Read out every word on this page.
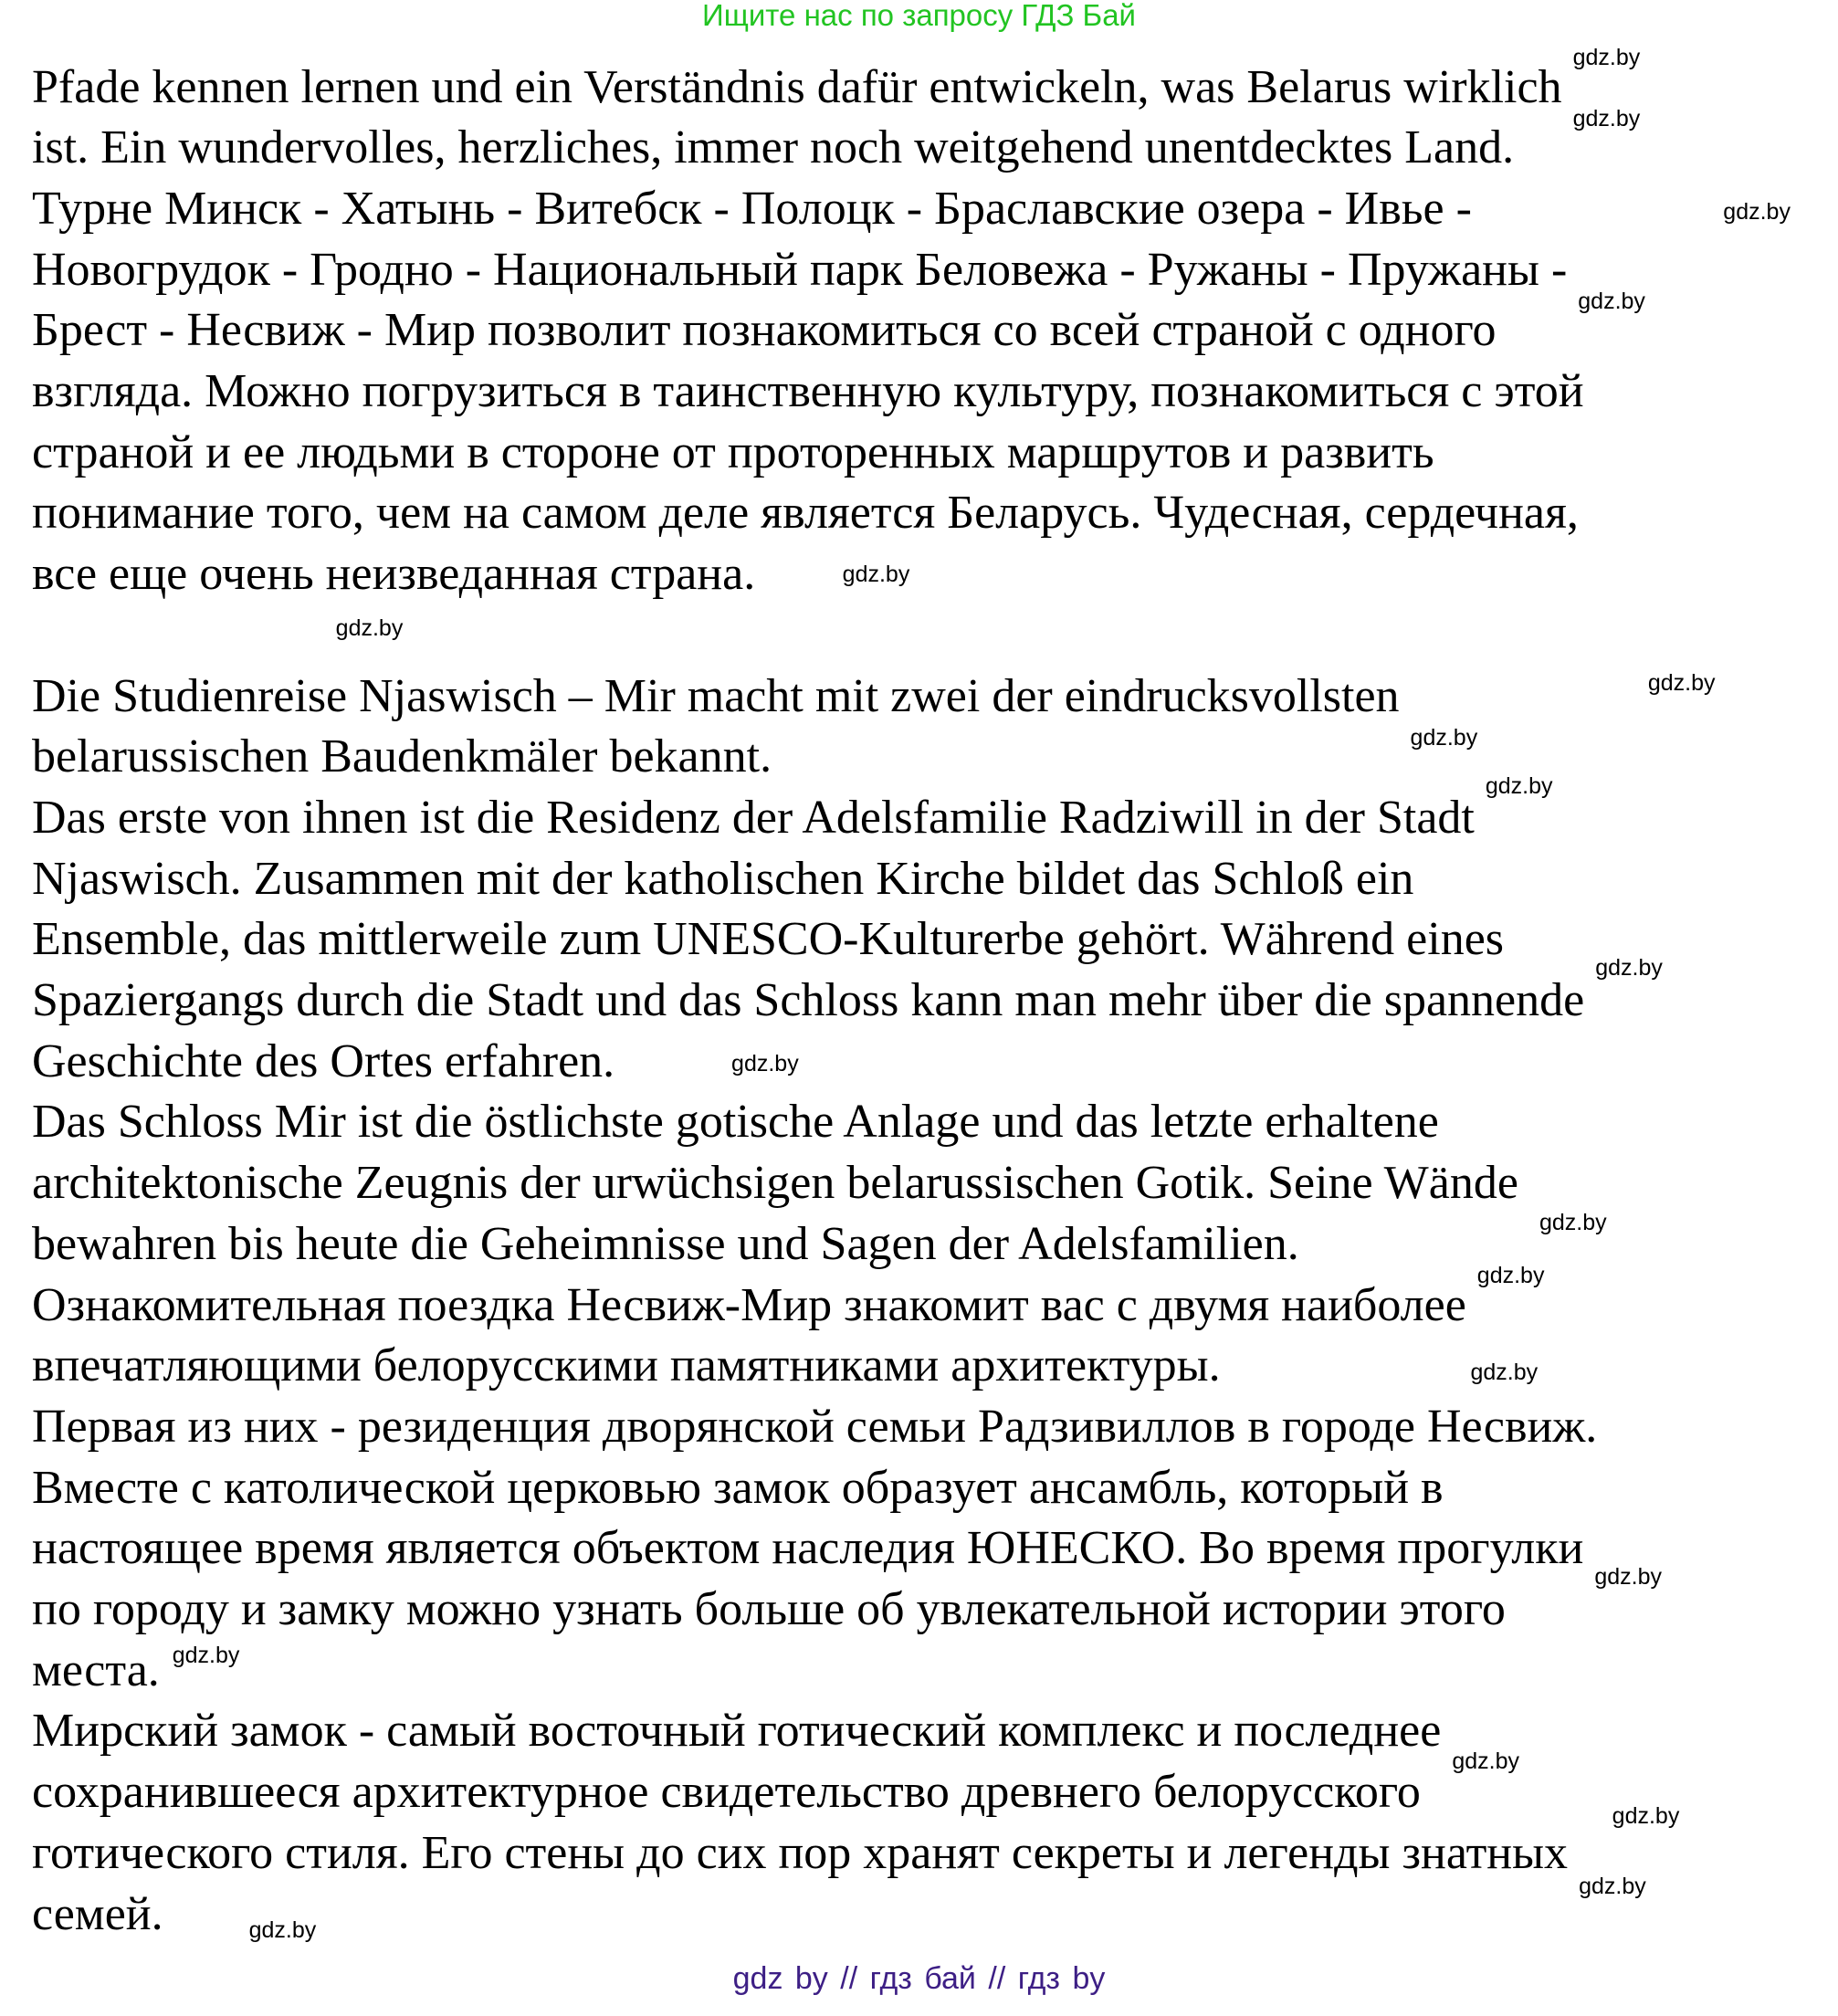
Ищите нас по запросу ГДЗ Бай
Pfade kennen lernen und ein Verständnis dafür entwickeln, was Belarus wirklich
ist. Ein wundervolles, herzliches, immer noch weitgehend unentdecktes Land.
Турне Минск - Хатынь - Витебск - Полоцк - Браславские озера - Ивье -
Новогрудок - Гродно - Национальный парк Беловежа - Ружаны - Пружаны -
Брест - Несвиж - Мир позволит познакомиться со всей страной с одного
взгляда. Можно погрузиться в таинственную культуру, познакомиться с этой
страной и ее людьми в стороне от проторенных маршрутов и развить
понимание того, чем на самом деле является Беларусь. Чудесная, сердечная,
все еще очень неизведанная страна.
Die Studienreise Njaswisch – Mir macht mit zwei der eindrucksvollsten
belarussischen Baudenkmäler bekannt.
Das erste von ihnen ist die Residenz der Adelsfamilie Radziwill in der Stadt
Njaswisch. Zusammen mit der katholischen Kirche bildet das Schloß ein
Ensemble, das mittlerweile zum UNESCO-Kulturerbe gehört. Während eines
Spaziergangs durch die Stadt und das Schloss kann man mehr über die spannende
Geschichte des Ortes erfahren.
Das Schloss Mir ist die östlichste gotische Anlage und das letzte erhaltene
architektonische Zeugnis der urwüchsigen belarussischen Gotik. Seine Wände
bewahren bis heute die Geheimnisse und Sagen der Adelsfamilien.
Ознакомительная поездка Несвиж-Мир знакомит вас с двумя наиболее
впечатляющими белорусскими памятниками архитектуры.
Первая из них - резиденция дворянской семьи Радзивиллов в городе Несвиж.
Вместе с католической церковью замок образует ансамбль, который в
настоящее время является объектом наследия ЮНЕСКО. Во время прогулки
по городу и замку можно узнать больше об увлекательной истории этого
места.
Мирский замок - самый восточный готический комплекс и последнее
сохранившееся архитектурное свидетельство древнего белорусского
готического стиля. Его стены до сих пор хранят секреты и легенды знатных
семей.
gdz.by
gdz.by
gdz.by
gdz.by
gdz.by
gdz.by
gdz.by
gdz.by
gdz.by
gdz.by
gdz.by
gdz.by
gdz.by
gdz.by
gdz.by
gdz.by
gdz.by
gdz.by
gdz.by
gdz.by
gdz by // гдз бай // гдз by
